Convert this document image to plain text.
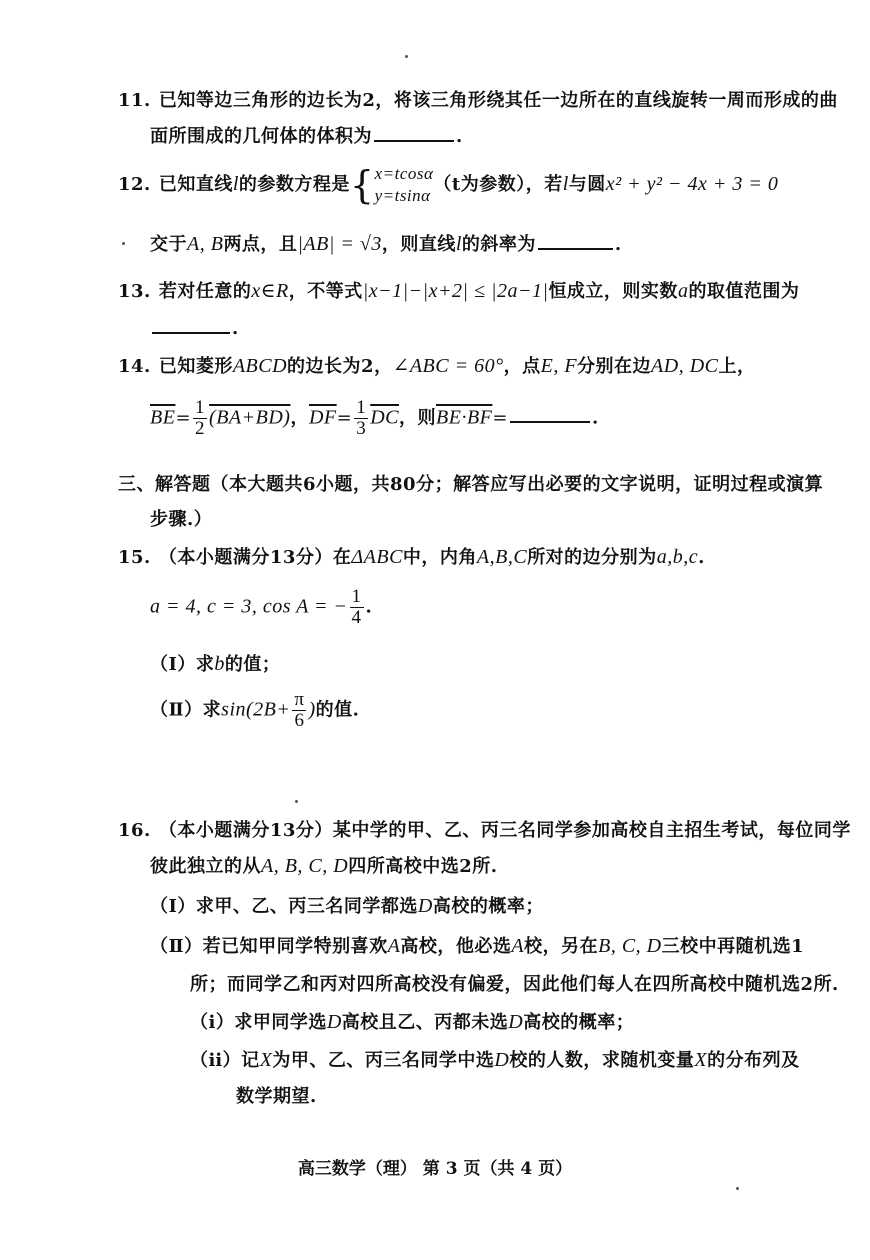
11. 已知等边三角形的边长为2，将该三角形绕其任一边所在的直线旋转一周而形成的曲
面所围成的几何体的体积为	.
12. 已知直线l的参数方程是{ x=tcosα
y=tsinα
（t为参数），若l与圆x² + y² − 4x + 3 = 0
交于A, B两点，且|AB| = √3，则直线l的斜率为	.
13. 若对任意的x∈R，不等式|x−1|−|x+2| ≤ |2a−1|恒成立，则实数a的取值范围为
.
14. 已知菱形ABCD的边长为2，∠ABC = 60°，点E, F分别在边AD, DC上，
$\overline{BE}= \frac{1}{2} (BA+BD)$，$\overline{DF}= \frac{1}{3} \overline{DC}$，则BE·BF=	.
三、解答题（本大题共6小题，共80分；解答应写出必要的文字说明，证明过程或演算
步骤.）
15. （本小题满分13分）在ΔABC中，内角A,B,C所对的边分别为a,b,c.
a = 4, c = 3, cos A = − $\frac{1}{4}$ .
（Ⅰ）求b的值；
（Ⅱ）求$\sin(2B+ \frac{\pi}{6}$ )的值.
16. （本小题满分13分）某中学的甲、乙、丙三名同学参加高校自主招生考试，每位同学
彼此独立的从A, B, C, D四所高校中选2所.
（Ⅰ）求甲、乙、丙三名同学都选D高校的概率；
（Ⅱ）若已知甲同学特别喜欢A高校，他必选A校，另在B, C, D三校中再随机选1
所；而同学乙和丙对四所高校没有偏爱，因此他们每人在四所高校中随机选2所.
（ⅰ）求甲同学选D高校且乙、丙都未选D高校的概率；
（ⅱ）记X为甲、乙、丙三名同学中选D校的人数，求随机变量X的分布列及
数学期望.
高三数学（理） 第 3 页（共 4 页）
